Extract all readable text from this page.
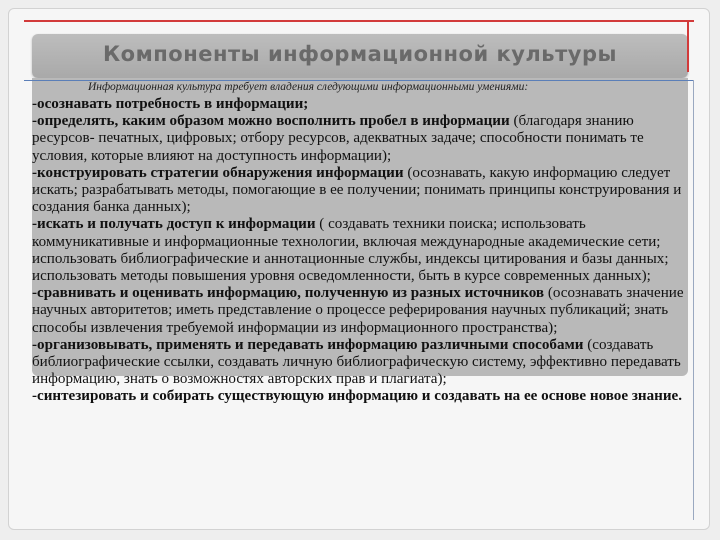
Компоненты информационной культуры
Информационная культура требует владения следующими информационными умениями:

-осознавать потребность в информации;

-определять, каким образом можно восполнить пробел в информации (благодаря знанию ресурсов- печатных, цифровых; отбору ресурсов, адекватных задаче; способности понимать те условия, которые влияют на доступность информации);

-конструировать стратегии обнаружения информации (осознавать, какую информацию следует искать; разрабатывать методы, помогающие в ее получении; понимать принципы конструирования и создания банка данных);

-искать и получать доступ к информации ( создавать техники поиска; использовать коммуникативные и информационные технологии, включая международные академические сети; использовать библиографические и аннотационные службы, индексы цитирования и базы данных; использовать методы повышения уровня осведомленности, быть в курсе современных данных);

-сравнивать и оценивать информацию, полученную из разных источников (осознавать значение научных авторитетов; иметь представление о процессе реферирования научных публикаций; знать способы извлечения требуемой информации из информационного пространства);

-организовывать, применять и передавать информацию различными способами (создавать библиографические ссылки, создавать личную библиографическую систему, эффективно передавать информацию, знать о возможностях авторских прав и плагиата);

-синтезировать и собирать существующую информацию и создавать на ее основе новое знание.
